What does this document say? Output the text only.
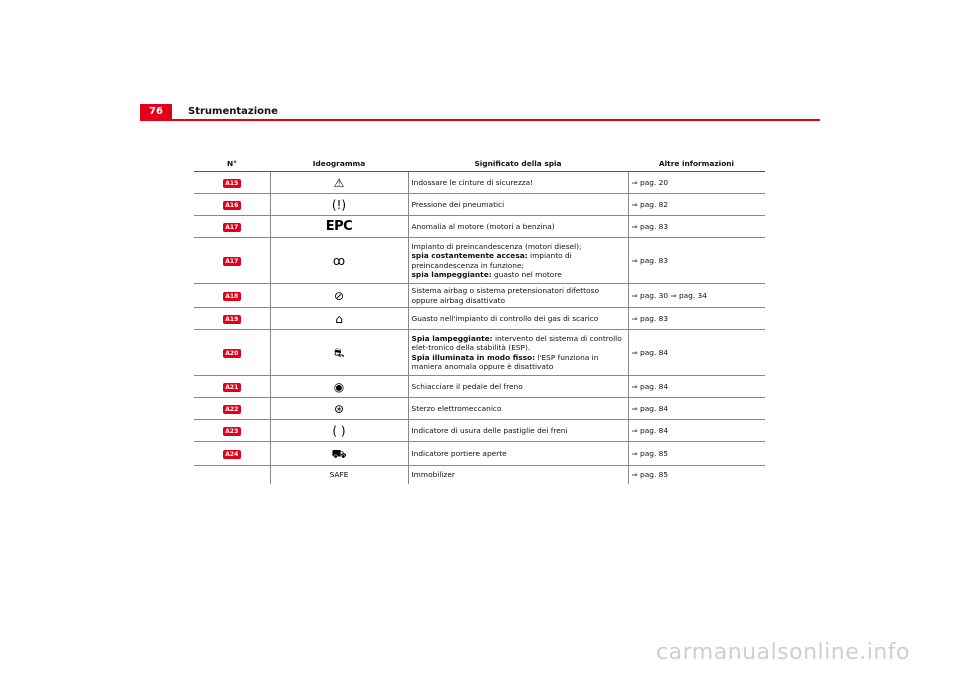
76	Strumentazione
N°	Ideogramma	Significato della spia	Altre informazioni
A15	⚠	Indossare le cinture di sicurezza!	⇒ pag. 20
A16	(!)	Pressione dei pneumatici	⇒ pag. 82
A17	EPC	Anomalia al motore (motori a benzina)	⇒ pag. 83
A17	ꝏ	Impianto di preincandescenza (motori diesel);
spia costantemente accesa: impianto di preincandescenza in funzione;
spia lampeggiante: guasto nel motore	⇒ pag. 83
A18	⊘	Sistema airbag o sistema pretensionatori difettoso oppure airbag disattivato	⇒ pag. 30 ⇒ pag. 34
A19	⌂	Guasto nell'impianto di controllo dei gas di scarico	⇒ pag. 83
A20	⛐	Spia lampeggiante: intervento del sistema di controllo elet-tronico della stabilità (ESP).
Spia illuminata in modo fisso: l'ESP funziona in maniera anomala oppure è disattivato	⇒ pag. 84
A21	◉	Schiacciare il pedale del freno	⇒ pag. 84
A22	⊛	Sterzo elettromeccanico	⇒ pag. 84
A23	( )	Indicatore di usura delle pastiglie dei freni	⇒ pag. 84
A24	⛟	Indicatore portiere aperte	⇒ pag. 85
	SAFE	Immobilizer	⇒ pag. 85
carmanualsonline.info
